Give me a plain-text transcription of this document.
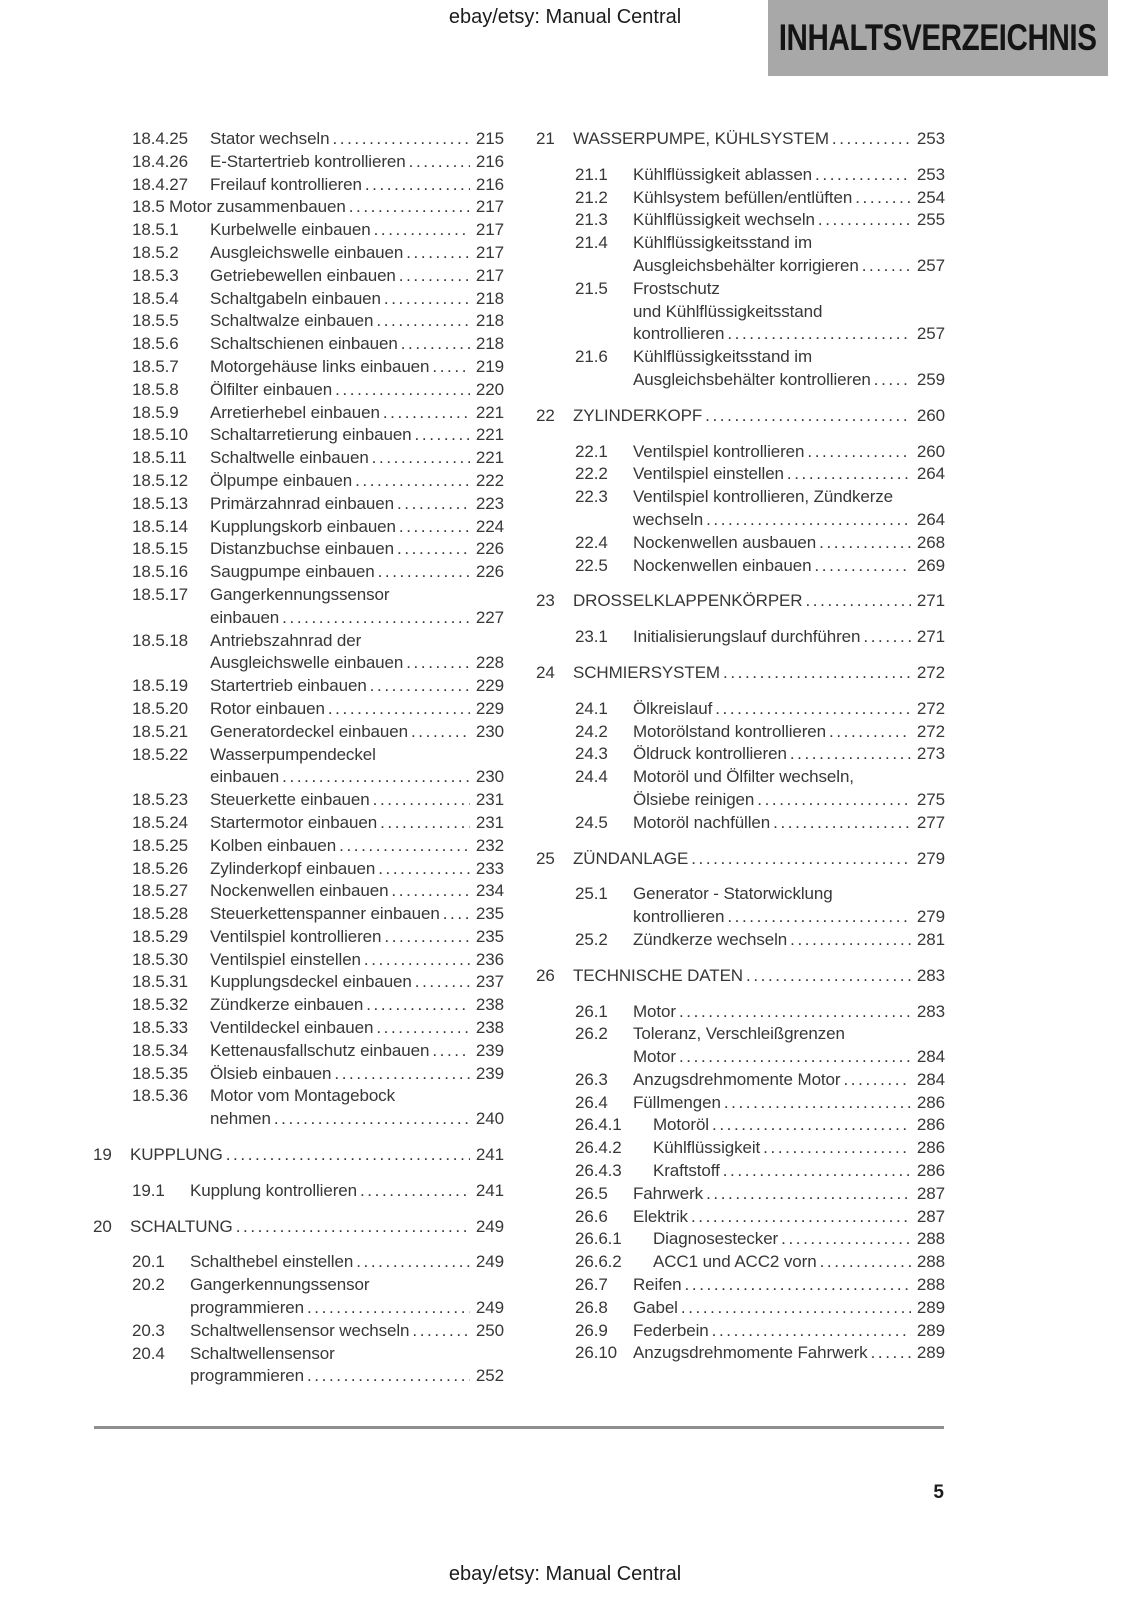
ebay/etsy: Manual Central	INHALTSVERZEICHNIS
18.4.25	Stator wechseln .....	215
18.4.26	E-Startertrieb kontrollieren .....	216
18.4.27	Freilauf kontrollieren .....	216
18.5 Motor zusammenbauen .....	217
18.5.1	Kurbelwelle einbauen .....	217
18.5.2	Ausgleichswelle einbauen .....	217
18.5.3	Getriebewellen einbauen .....	217
18.5.4	Schaltgabeln einbauen .....	218
18.5.5	Schaltwalze einbauen .....	218
18.5.6	Schaltschienen einbauen .....	218
18.5.7	Motorgehäuse links einbauen .....	219
18.5.8	Ölfilter einbauen .....	220
18.5.9	Arretierhebel einbauen .....	221
18.5.10	Schaltarretierung einbauen .....	221
18.5.11	Schaltwelle einbauen .....	221
18.5.12	Ölpumpe einbauen .....	222
18.5.13	Primärzahnrad einbauen .....	223
18.5.14	Kupplungskorb einbauen .....	224
18.5.15	Distanzbuchse einbauen .....	226
18.5.16	Saugpumpe einbauen .....	226
18.5.17	Gangerkennungssensor
einbauen .....	227
18.5.18	Antriebszahnrad der
Ausgleichswelle einbauen .....	228
18.5.19	Startertrieb einbauen .....	229
18.5.20	Rotor einbauen .....	229
18.5.21	Generatordeckel einbauen .....	230
18.5.22	Wasserpumpendeckel
einbauen .....	230
18.5.23	Steuerkette einbauen .....	231
18.5.24	Startermotor einbauen .....	231
18.5.25	Kolben einbauen .....	232
18.5.26	Zylinderkopf einbauen .....	233
18.5.27	Nockenwellen einbauen .....	234
18.5.28	Steuerkettenspanner einbauen .....	235
18.5.29	Ventilspiel kontrollieren .....	235
18.5.30	Ventilspiel einstellen .....	236
18.5.31	Kupplungsdeckel einbauen .....	237
18.5.32	Zündkerze einbauen .....	238
18.5.33	Ventildeckel einbauen .....	238
18.5.34	Kettenausfallschutz einbauen .....	239
18.5.35	Ölsieb einbauen .....	239
18.5.36	Motor vom Montagebock
nehmen .....	240
19	KUPPLUNG .....	241
19.1	Kupplung kontrollieren .....	241
20	SCHALTUNG .....	249
20.1	Schalthebel einstellen .....	249
20.2	Gangerkennungssensor
programmieren .....	249
20.3	Schaltwellensensor wechseln .....	250
20.4	Schaltwellensensor
programmieren .....	252
21	WASSERPUMPE, KÜHLSYSTEM .....	253
21.1	Kühlflüssigkeit ablassen .....	253
21.2	Kühlsystem befüllen/entlüften .....	254
21.3	Kühlflüssigkeit wechseln .....	255
21.4	Kühlflüssigkeitsstand im
Ausgleichsbehälter korrigieren .....	257
21.5	Frostschutz
und Kühlflüssigkeitsstand
kontrollieren .....	257
21.6	Kühlflüssigkeitsstand im
Ausgleichsbehälter kontrollieren .....	259
22	ZYLINDERKOPF .....	260
22.1	Ventilspiel kontrollieren .....	260
22.2	Ventilspiel einstellen .....	264
22.3	Ventilspiel kontrollieren, Zündkerze
wechseln .....	264
22.4	Nockenwellen ausbauen .....	268
22.5	Nockenwellen einbauen .....	269
23	DROSSELKLAPPENKÖRPER .....	271
23.1	Initialisierungslauf durchführen .....	271
24	SCHMIERSYSTEM .....	272
24.1	Ölkreislauf .....	272
24.2	Motorölstand kontrollieren .....	272
24.3	Öldruck kontrollieren .....	273
24.4	Motoröl und Ölfilter wechseln,
Ölsiebe reinigen .....	275
24.5	Motoröl nachfüllen .....	277
25	ZÜNDANLAGE .....	279
25.1	Generator - Statorwicklung
kontrollieren .....	279
25.2	Zündkerze wechseln .....	281
26	TECHNISCHE DATEN .....	283
26.1	Motor .....	283
26.2	Toleranz, Verschleißgrenzen
Motor .....	284
26.3	Anzugsdrehmomente Motor .....	284
26.4	Füllmengen .....	286
26.4.1	Motoröl .....	286
26.4.2	Kühlflüssigkeit .....	286
26.4.3	Kraftstoff .....	286
26.5	Fahrwerk .....	287
26.6	Elektrik .....	287
26.6.1	Diagnosestecker .....	288
26.6.2	ACC1 und ACC2 vorn .....	288
26.7	Reifen .....	288
26.8	Gabel .....	289
26.9	Federbein .....	289
26.10 Anzugsdrehmomente Fahrwerk .....	289
5
ebay/etsy: Manual Central
